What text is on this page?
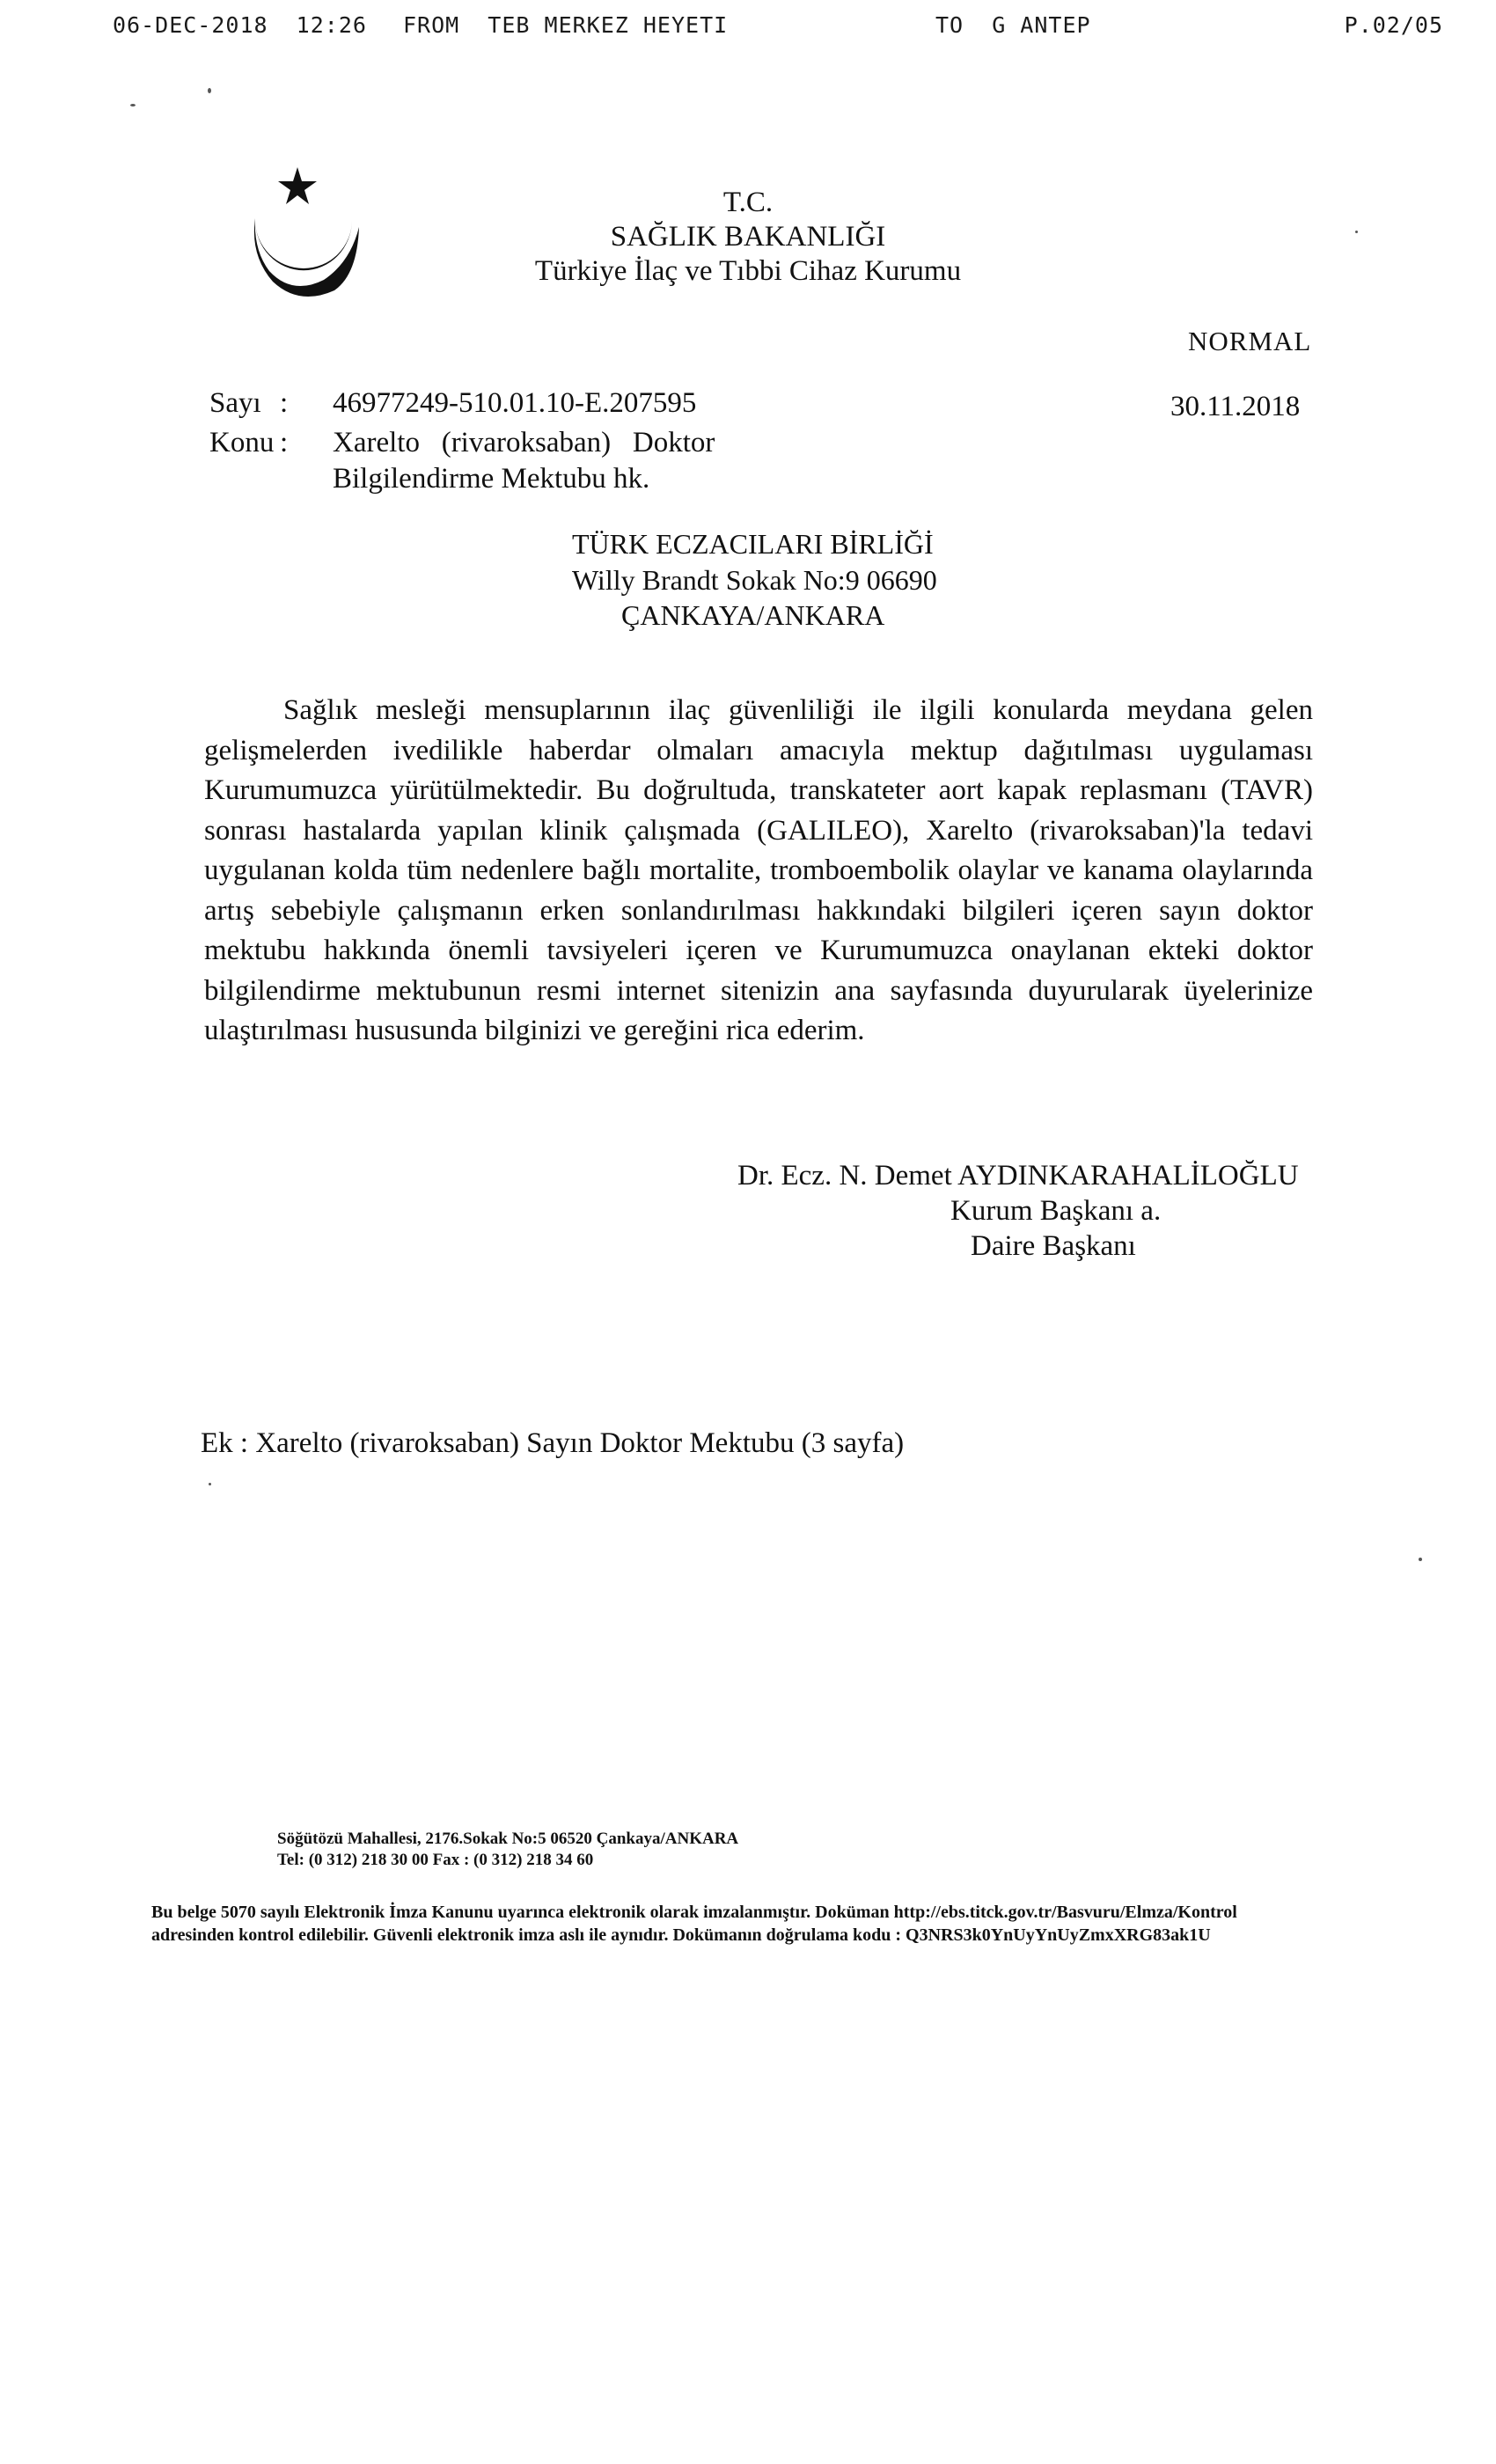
06-DEC-2018  12:26 FROM  TEB MERKEZ HEYETI	TO  G ANTEP	P.02/05
T.C.
SAĞLIK BAKANLIĞI
Türkiye İlaç ve Tıbbi Cihaz Kurumu
NORMAL
30.11.2018
Sayı : 46977249-510.01.10-E.207595
Konu : Xarelto   (rivaroksaban)   Doktor
Bilgilendirme Mektubu hk.
TÜRK ECZACILARI BİRLİĞİ
Willy Brandt Sokak No:9 06690
ÇANKAYA/ANKARA

Sağlık mesleği mensuplarının ilaç güvenliliği ile ilgili konularda meydana gelen gelişmelerden ivedilikle haberdar olmaları amacıyla mektup dağıtılması uygulaması Kurumumuzca yürütülmektedir. Bu doğrultuda, transkateter aort kapak replasmanı (TAVR) sonrası hastalarda yapılan klinik çalışmada (GALILEO), Xarelto (rivaroksaban)'la tedavi uygulanan kolda tüm nedenlere bağlı mortalite, tromboembolik olaylar ve kanama olaylarında artış sebebiyle çalışmanın erken sonlandırılması hakkındaki bilgileri içeren sayın doktor mektubu hakkında önemli tavsiyeleri içeren ve Kurumumuzca onaylanan ekteki doktor bilgilendirme mektubunun resmi internet sitenizin ana sayfasında duyurularak üyelerinize ulaştırılması hususunda bilginizi ve gereğini rica ederim.

Dr. Ecz. N. Demet AYDINKARAHALİLOĞLU
Kurum Başkanı a.
Daire Başkanı
Ek : Xarelto (rivaroksaban) Sayın Doktor Mektubu (3 sayfa)
Söğütözü Mahallesi, 2176.Sokak No:5 06520 Çankaya/ANKARA
Tel: (0 312) 218 30 00 Fax : (0 312) 218 34 60
Bu belge 5070 sayılı Elektronik İmza Kanunu uyarınca elektronik olarak imzalanmıştır. Doküman http://ebs.titck.gov.tr/Basvuru/Elmza/Kontrol
adresinden kontrol edilebilir. Güvenli elektronik imza aslı ile aynıdır. Dokümanın doğrulama kodu : Q3NRS3k0YnUyYnUyZmxXRG83ak1U
